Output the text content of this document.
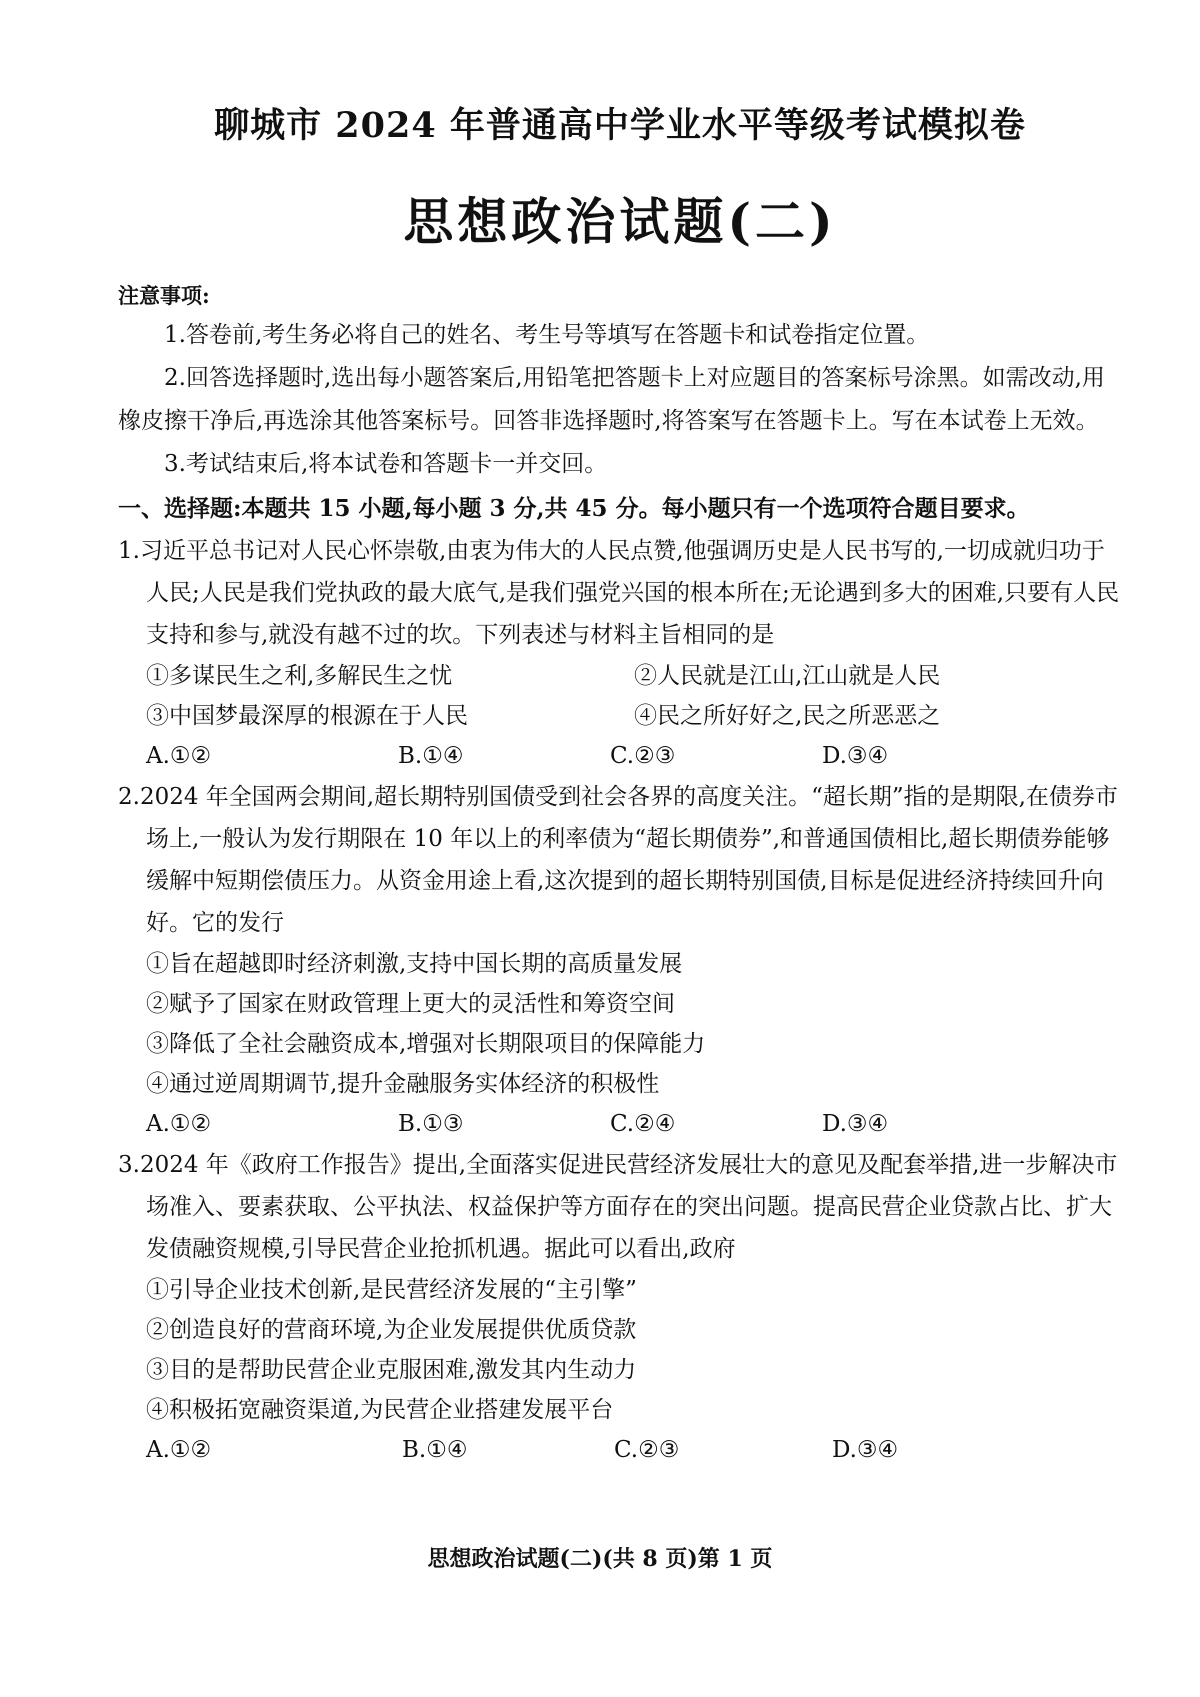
聊城市 2024 年普通高中学业水平等级考试模拟卷
思想政治试题(二)
注意事项:

1.答卷前,考生务必将自己的姓名、考生号等填写在答题卡和试卷指定位置。

2.回答选择题时,选出每小题答案后,用铅笔把答题卡上对应题目的答案标号涂黑。如需改动,用橡皮擦干净后,再选涂其他答案标号。回答非选择题时,将答案写在答题卡上。写在本试卷上无效。

3.考试结束后,将本试卷和答题卡一并交回。

一、选择题:本题共 15 小题,每小题 3 分,共 45 分。每小题只有一个选项符合题目要求。
1.习近平总书记对人民心怀崇敬,由衷为伟大的人民点赞,他强调历史是人民书写的,一切成就归功于人民;人民是我们党执政的最大底气,是我们强党兴国的根本所在;无论遇到多大的困难,只要有人民支持和参与,就没有越不过的坎。下列表述与材料主旨相同的是
①多谋民生之利,多解民生之忧	②人民就是江山,江山就是人民
③中国梦最深厚的根源在于人民	④民之所好好之,民之所恶恶之
A.①②	B.①④	C.②③	D.③④
2.2024 年全国两会期间,超长期特别国债受到社会各界的高度关注。“超长期”指的是期限,在债券市场上,一般认为发行期限在 10 年以上的利率债为“超长期债券”,和普通国债相比,超长期债券能够缓解中短期偿债压力。从资金用途上看,这次提到的超长期特别国债,目标是促进经济持续回升向好。它的发行
①旨在超越即时经济刺激,支持中国长期的高质量发展
②赋予了国家在财政管理上更大的灵活性和筹资空间
③降低了全社会融资成本,增强对长期限项目的保障能力
④通过逆周期调节,提升金融服务实体经济的积极性
A.①②	B.①③	C.②④	D.③④
3.2024 年《政府工作报告》提出,全面落实促进民营经济发展壮大的意见及配套举措,进一步解决市场准入、要素获取、公平执法、权益保护等方面存在的突出问题。提高民营企业贷款占比、扩大发债融资规模,引导民营企业抢抓机遇。据此可以看出,政府
①引导企业技术创新,是民营经济发展的“主引擎”
②创造良好的营商环境,为企业发展提供优质贷款
③目的是帮助民营企业克服困难,激发其内生动力
④积极拓宽融资渠道,为民营企业搭建发展平台
A.①②	B.①④	C.②③	D.③④
思想政治试题(二)(共 8 页)第 1 页
